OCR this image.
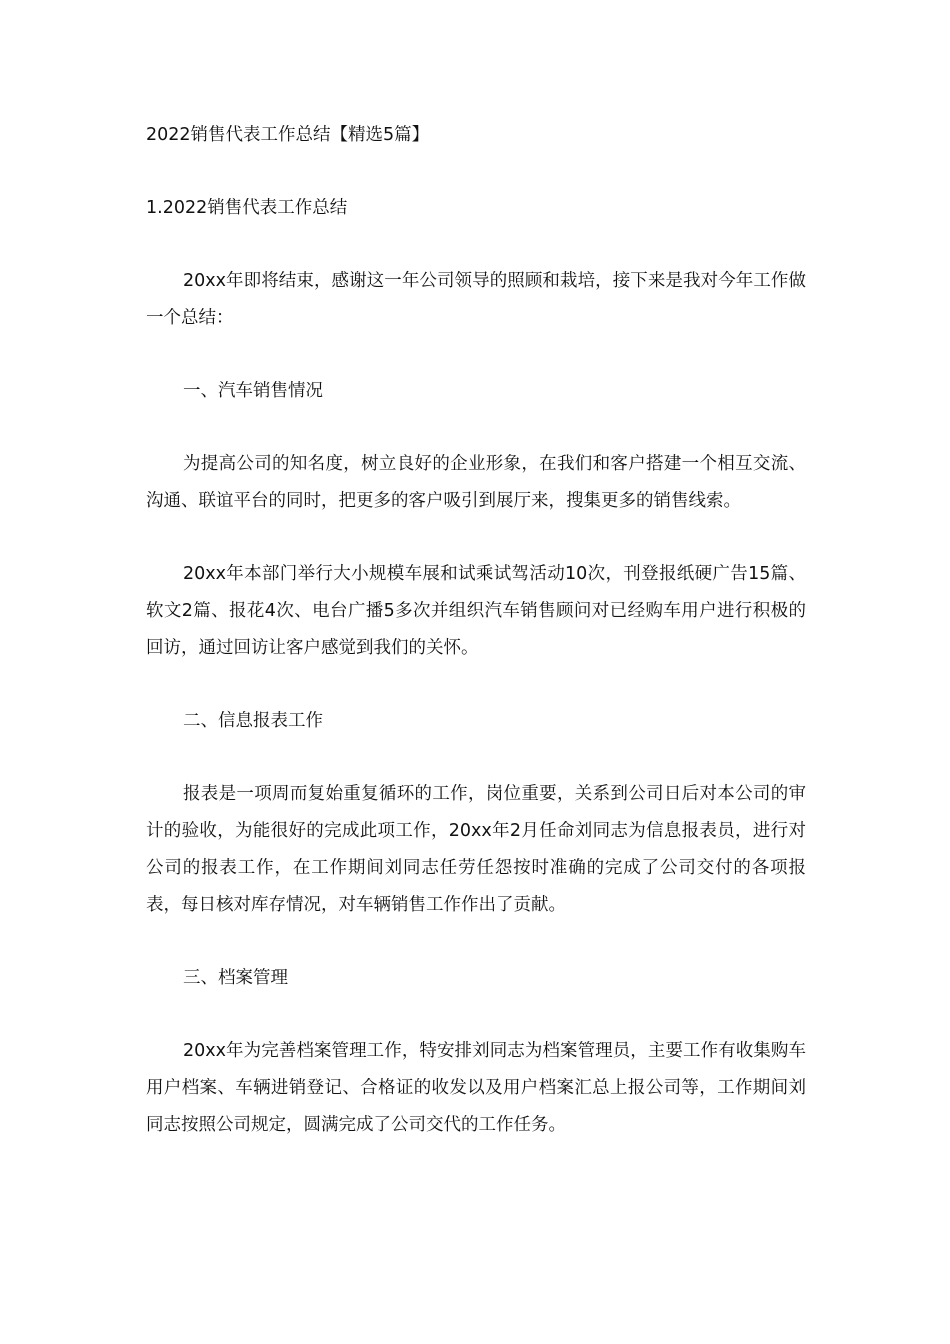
2022销售代表工作总结【精选5篇】

1.2022销售代表工作总结

20xx年即将结束，感谢这一年公司领导的照顾和栽培，接下来是我对今年工作做一个总结：

一、汽车销售情况

为提高公司的知名度，树立良好的企业形象，在我们和客户搭建一个相互交流、沟通、联谊平台的同时，把更多的客户吸引到展厅来，搜集更多的销售线索。

20xx年本部门举行大小规模车展和试乘试驾活动10次，刊登报纸硬广告15篇、软文2篇、报花4次、电台广播5多次并组织汽车销售顾问对已经购车用户进行积极的回访，通过回访让客户感觉到我们的关怀。

二、信息报表工作

报表是一项周而复始重复循环的工作，岗位重要，关系到公司日后对本公司的审计的验收，为能很好的完成此项工作，20xx年2月任命刘同志为信息报表员，进行对公司的报表工作，在工作期间刘同志任劳任怨按时准确的完成了公司交付的各项报表，每日核对库存情况，对车辆销售工作作出了贡献。

三、档案管理

20xx年为完善档案管理工作，特安排刘同志为档案管理员，主要工作有收集购车用户档案、车辆进销登记、合格证的收发以及用户档案汇总上报公司等，工作期间刘同志按照公司规定，圆满完成了公司交代的工作任务。
